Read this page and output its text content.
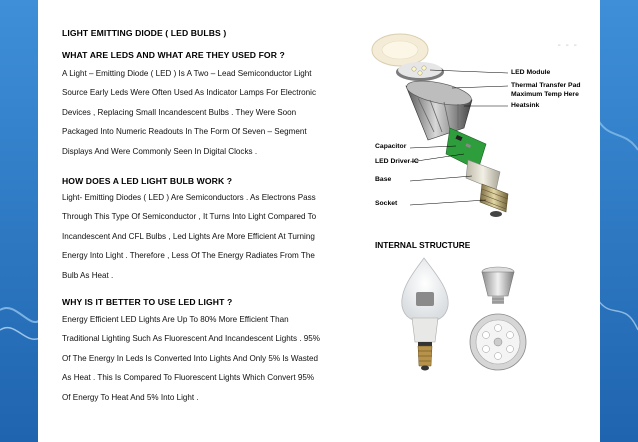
- - -
LIGHT EMITTING DIODE ( LED BULBS )
WHAT ARE LEDS AND WHAT ARE THEY USED FOR ?
A Light – Emitting Diode ( LED ) Is A Two – Lead Semiconductor Light
Source Early Leds Were Often Used As Indicator Lamps For Electronic
Devices , Replacing Small Incandescent Bulbs . They Were Soon
Packaged Into Numeric Readouts In The Form Of Seven – Segment
Displays And Were Commonly Seen In Digital Clocks .
HOW DOES A LED LIGHT BULB WORK ?
Light- Emitting Diodes ( LED ) Are Semiconductors . As Electrons Pass
Through This Type Of Semiconductor , It Turns Into Light Compared To
Incandescent And CFL Bulbs , Led Lights Are More Efficient At Turning
Energy Into Light . Therefore , Less Of The Energy Radiates From The
Bulb As Heat .
WHY IS IT BETTER TO USE LED LIGHT ?
Energy Efficient LED Lights Are Up To 80% More Efficient Than
Traditional Lighting Such As Fluorescent And Incandescent Lights . 95%
Of The Energy In Leds Is Converted Into Lights And Only 5% Is Wasted
As Heat . This Is Compared To Fluorescent Lights Which Convert 95%
Of Energy To Heat And 5% Into Light .
LED Module
Thermal Transfer Pad
Maximum Temp Here
Heatsink
Capacitor
LED Driver IC
Base
Socket
INTERNAL STRUCTURE
